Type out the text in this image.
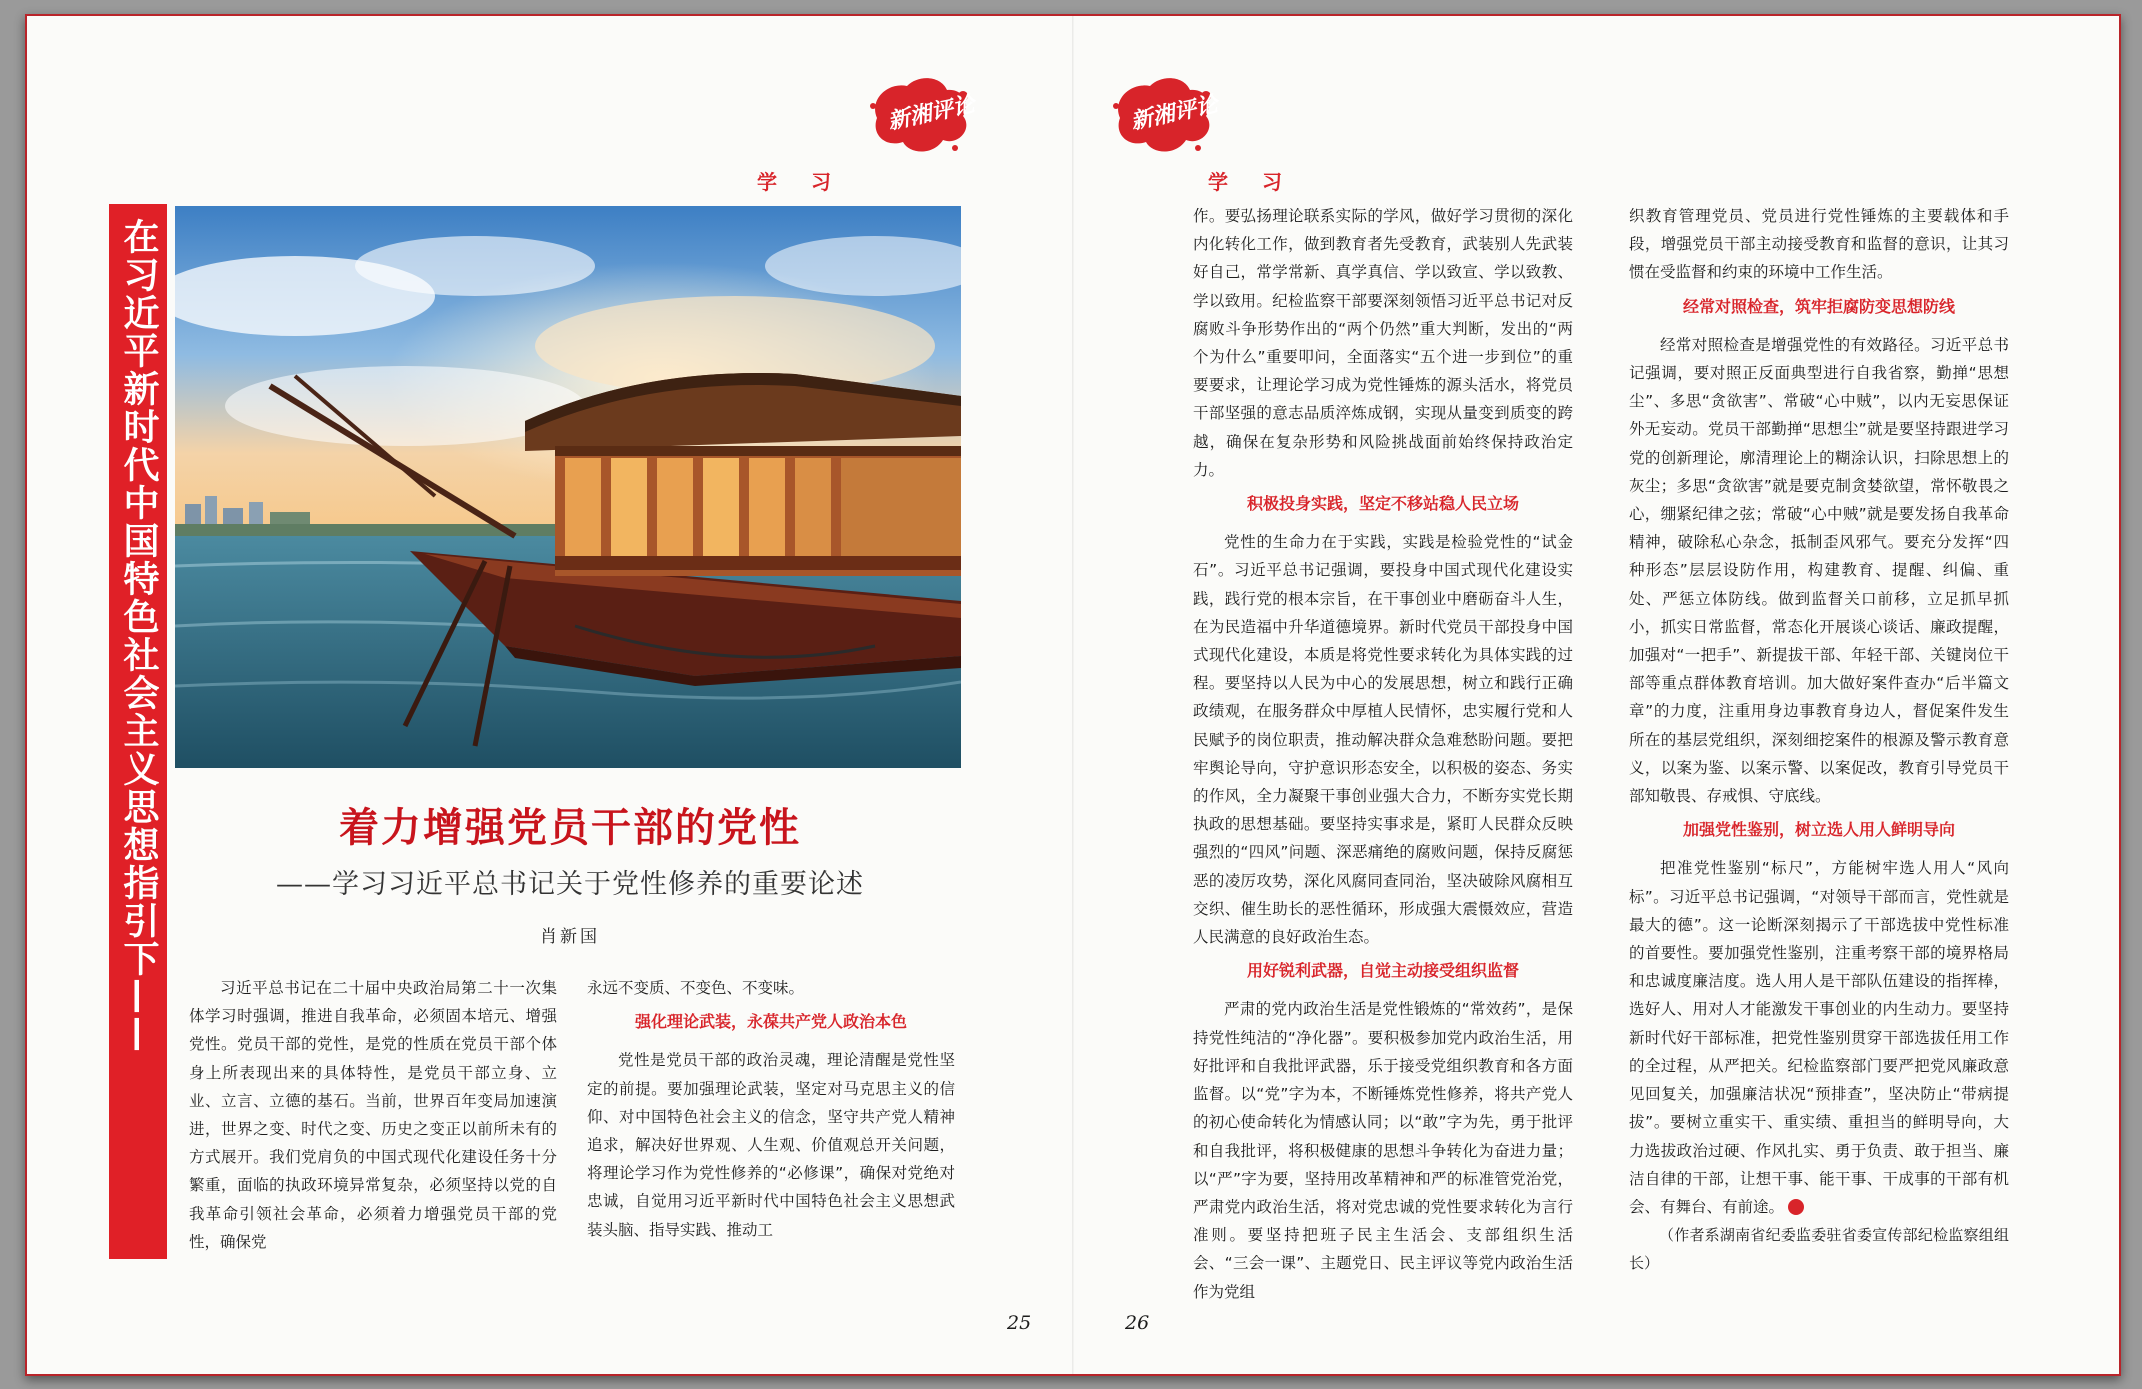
新湘评论
学习
新湘评论
学习
在习近平新时代中国特色社会主义思想指引下——	着力增强党员干部的党性
——学习习近平总书记关于党性修养的重要论述
肖新国

习近平总书记在二十届中央政治局第二十一次集体学习时强调，推进自我革命，必须固本培元、增强党性。党员干部的党性，是党的性质在党员干部个体身上所表现出来的具体特性，是党员干部立身、立业、立言、立德的基石。当前，世界百年变局加速演进，世界之变、时代之变、历史之变正以前所未有的方式展开。我们党肩负的中国式现代化建设任务十分繁重，面临的执政环境异常复杂，必须坚持以党的自我革命引领社会革命，必须着力增强党员干部的党性，确保党

永远不变质、不变色、不变味。

强化理论武装，永葆共产党人政治本色

党性是党员干部的政治灵魂，理论清醒是党性坚定的前提。要加强理论武装，坚定对马克思主义的信仰、对中国特色社会主义的信念，坚守共产党人精神追求，解决好世界观、人生观、价值观总开关问题，将理论学习作为党性修养的“必修课”，确保对党绝对忠诚，自觉用习近平新时代中国特色社会主义思想武装头脑、指导实践、推动工

作。要弘扬理论联系实际的学风，做好学习贯彻的深化内化转化工作，做到教育者先受教育，武装别人先武装好自己，常学常新、真学真信、学以致宣、学以致教、学以致用。纪检监察干部要深刻领悟习近平总书记对反腐败斗争形势作出的“两个仍然”重大判断，发出的“两个为什么”重要叩问，全面落实“五个进一步到位”的重要要求，让理论学习成为党性锤炼的源头活水，将党员干部坚强的意志品质淬炼成钢，实现从量变到质变的跨越，确保在复杂形势和风险挑战面前始终保持政治定力。

积极投身实践，坚定不移站稳人民立场

党性的生命力在于实践，实践是检验党性的“试金石”。习近平总书记强调，要投身中国式现代化建设实践，践行党的根本宗旨，在干事创业中磨砺奋斗人生，在为民造福中升华道德境界。新时代党员干部投身中国式现代化建设，本质是将党性要求转化为具体实践的过程。要坚持以人民为中心的发展思想，树立和践行正确政绩观，在服务群众中厚植人民情怀，忠实履行党和人民赋予的岗位职责，推动解决群众急难愁盼问题。要把牢舆论导向，守护意识形态安全，以积极的姿态、务实的作风，全力凝聚干事创业强大合力，不断夯实党长期执政的思想基础。要坚持实事求是，紧盯人民群众反映强烈的“四风”问题、深恶痛绝的腐败问题，保持反腐惩恶的凌厉攻势，深化风腐同查同治，坚决破除风腐相互交织、催生助长的恶性循环，形成强大震慑效应，营造人民满意的良好政治生态。

用好锐利武器，自觉主动接受组织监督

严肃的党内政治生活是党性锻炼的“常效药”，是保持党性纯洁的“净化器”。要积极参加党内政治生活，用好批评和自我批评武器，乐于接受党组织教育和各方面监督。以“党”字为本，不断锤炼党性修养，将共产党人的初心使命转化为情感认同；以“敢”字为先，勇于批评和自我批评，将积极健康的思想斗争转化为奋进力量；以“严”字为要，坚持用改革精神和严的标准管党治党，严肃党内政治生活，将对党忠诚的党性要求转化为言行准则。要坚持把班子民主生活会、支部组织生活会、“三会一课”、主题党日、民主评议等党内政治生活作为党组

织教育管理党员、党员进行党性锤炼的主要载体和手段，增强党员干部主动接受教育和监督的意识，让其习惯在受监督和约束的环境中工作生活。

经常对照检查，筑牢拒腐防变思想防线

经常对照检查是增强党性的有效路径。习近平总书记强调，要对照正反面典型进行自我省察，勤掸“思想尘”、多思“贪欲害”、常破“心中贼”，以内无妄思保证外无妄动。党员干部勤掸“思想尘”就是要坚持跟进学习党的创新理论，廓清理论上的糊涂认识，扫除思想上的灰尘；多思“贪欲害”就是要克制贪婪欲望，常怀敬畏之心，绷紧纪律之弦；常破“心中贼”就是要发扬自我革命精神，破除私心杂念，抵制歪风邪气。要充分发挥“四种形态”层层设防作用，构建教育、提醒、纠偏、重处、严惩立体防线。做到监督关口前移，立足抓早抓小，抓实日常监督，常态化开展谈心谈话、廉政提醒，加强对“一把手”、新提拔干部、年轻干部、关键岗位干部等重点群体教育培训。加大做好案件查办“后半篇文章”的力度，注重用身边事教育身边人，督促案件发生所在的基层党组织，深刻细挖案件的根源及警示教育意义，以案为鉴、以案示警、以案促改，教育引导党员干部知敬畏、存戒惧、守底线。

加强党性鉴别，树立选人用人鲜明导向

把准党性鉴别“标尺”，方能树牢选人用人“风向标”。习近平总书记强调，“对领导干部而言，党性就是最大的德”。这一论断深刻揭示了干部选拔中党性标准的首要性。要加强党性鉴别，注重考察干部的境界格局和忠诚度廉洁度。选人用人是干部队伍建设的指挥棒，选好人、用对人才能激发干事创业的内生动力。要坚持新时代好干部标准，把党性鉴别贯穿干部选拔任用工作的全过程，从严把关。纪检监察部门要严把党风廉政意见回复关，加强廉洁状况“预排查”，坚决防止“带病提拔”。要树立重实干、重实绩、重担当的鲜明导向，大力选拔政治过硬、作风扎实、勇于负责、敢于担当、廉洁自律的干部，让想干事、能干事、干成事的干部有机会、有舞台、有前途。

（作者系湖南省纪委监委驻省委宣传部纪检监察组组长）

25	26
